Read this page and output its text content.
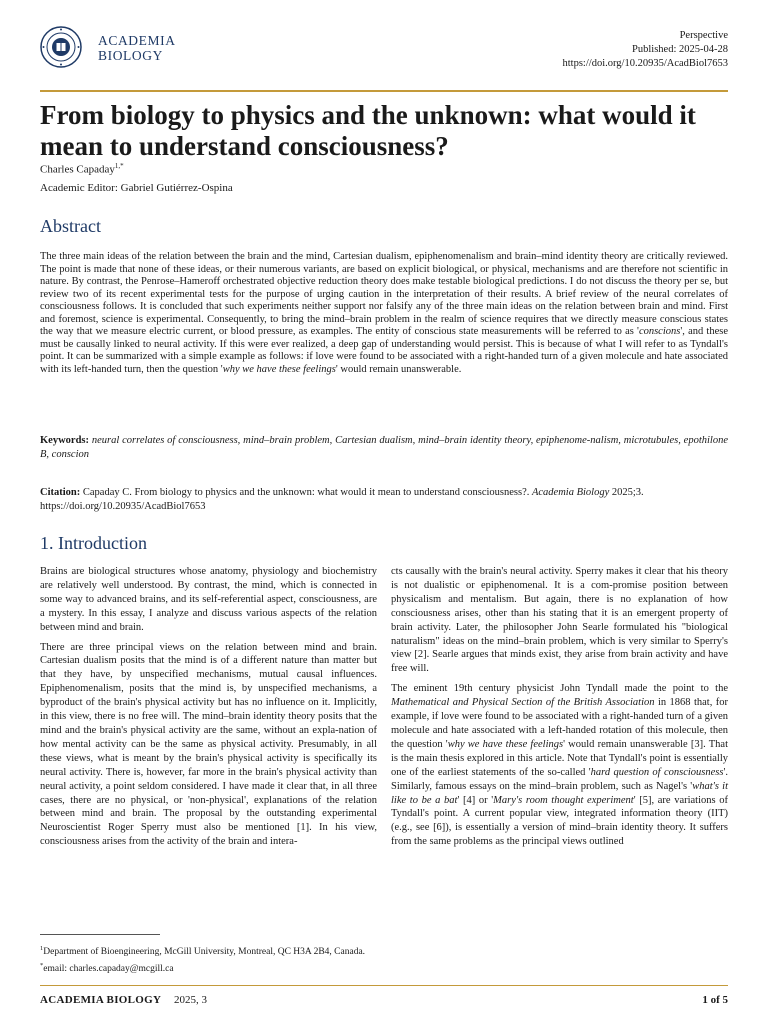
ACADEMIA
BIOLOGY
Perspective
Published: 2025-04-28
https://doi.org/10.20935/AcadBiol7653
From biology to physics and the unknown: what would it
mean to understand consciousness?
Charles Capaday$^{1,*}$
Academic Editor: Gabriel Gutiérrez-Ospina
Abstract
The three main ideas of the relation between the brain and the mind, Cartesian dualism, epiphenomenalism and brain–mind identity theory are critically reviewed. The point is made that none of these ideas, or their numerous variants, are based on explicit biological, or physical, mechanisms and are therefore not scientific in nature. By contrast, the Penrose–Hameroff orchestrated objective reduction theory does make testable biological predictions. I do not discuss the theory per se, but review two of its recent experimental tests for the purpose of urging caution in the interpretation of their results. A brief review of the neural correlates of consciousness follows. It is concluded that such experiments neither support nor falsify any of the three main ideas on the relation between brain and mind. First and foremost, science is experimental. Consequently, to bring the mind–brain problem in the realm of science requires that we directly measure conscious states the way that we measure electric current, or blood pressure, as examples. The entity of conscious state measurements will be referred to as 'conscions', and these must be causally linked to neural activity. If this were ever realized, a deep gap of understanding would persist. This is because of what I will refer to as Tyndall's point. It can be summarized with a simple example as follows: if love were found to be associated with a right-handed turn of a given molecule and hate associated with its left-handed turn, then the question 'why we have these feelings' would remain unanswerable.
Keywords: neural correlates of consciousness, mind–brain problem, Cartesian dualism, mind–brain identity theory, epiphenome-nalism, microtubules, epothilone B, conscion
Citation: Capaday C. From biology to physics and the unknown: what would it mean to understand consciousness?. Academia Biology 2025;3. https://doi.org/10.20935/AcadBiol7653
1. Introduction

Brains are biological structures whose anatomy, physiology and biochemistry are relatively well understood. By contrast, the mind, which is connected in some way to advanced brains, and its self-referential aspect, consciousness, are a mystery. In this essay, I analyze and discuss various aspects of the relation between mind and brain.

There are three principal views on the relation between mind and brain. Cartesian dualism posits that the mind is of a different nature than matter but that they have, by unspecified mechanisms, mutual causal influences. Epiphenomenalism, posits that the mind is, by unspecified mechanisms, a byproduct of the brain's physical activity but has no influence on it. Implicitly, in this view, there is no free will. The mind–brain identity theory posits that the mind and the brain's physical activity are the same, without an expla-nation of how mental activity can be the same as physical activity. Presumably, in all these views, what is meant by the brain's physical activity is specifically its neural activity. There is, however, far more in the brain's physical activity than neural activity, a point seldom considered. I have made it clear that, in all three cases, there are no physical, or 'non-physical', explanations of the relation between mind and brain. The proposal by the outstanding experimental Neuroscientist Roger Sperry must also be mentioned [1]. In his view, consciousness arises from the activity of the brain and intera-

cts causally with the brain's neural activity. Sperry makes it clear that his theory is not dualistic or epiphenomenal. It is a com-promise position between physicalism and mentalism. But again, there is no explanation of how consciousness arises, other than his stating that it is an emergent property of brain activity. Later, the philosopher John Searle formulated his "biological naturalism" ideas on the mind–brain problem, which is very similar to Sperry's view [2]. Searle argues that minds exist, they arise from brain activity and have free will.

The eminent 19th century physicist John Tyndall made the point to the Mathematical and Physical Section of the British Association in 1868 that, for example, if love were found to be associated with a right-handed turn of a given molecule and hate associated with a left-handed rotation of this molecule, then the question 'why we have these feelings' would remain unanswerable [3]. That is the main thesis explored in this article. Note that Tyndall's point is essentially one of the earliest statements of the so-called 'hard question of consciousness'. Similarly, famous essays on the mind–brain problem, such as Nagel's 'what's it like to be a bat' [4] or 'Mary's room thought experiment' [5], are variations of Tyndall's point. A current popular view, integrated information theory (IIT) (e.g., see [6]), is essentially a version of mind–brain identity theory. It suffers from the same problems as the principal views outlined

$^1$Department of Bioengineering, McGill University, Montreal, QC H3A 2B4, Canada.
*email: charles.capaday@mcgill.ca
ACADEMIA BIOLOGY 2025, 3	1 of 5
